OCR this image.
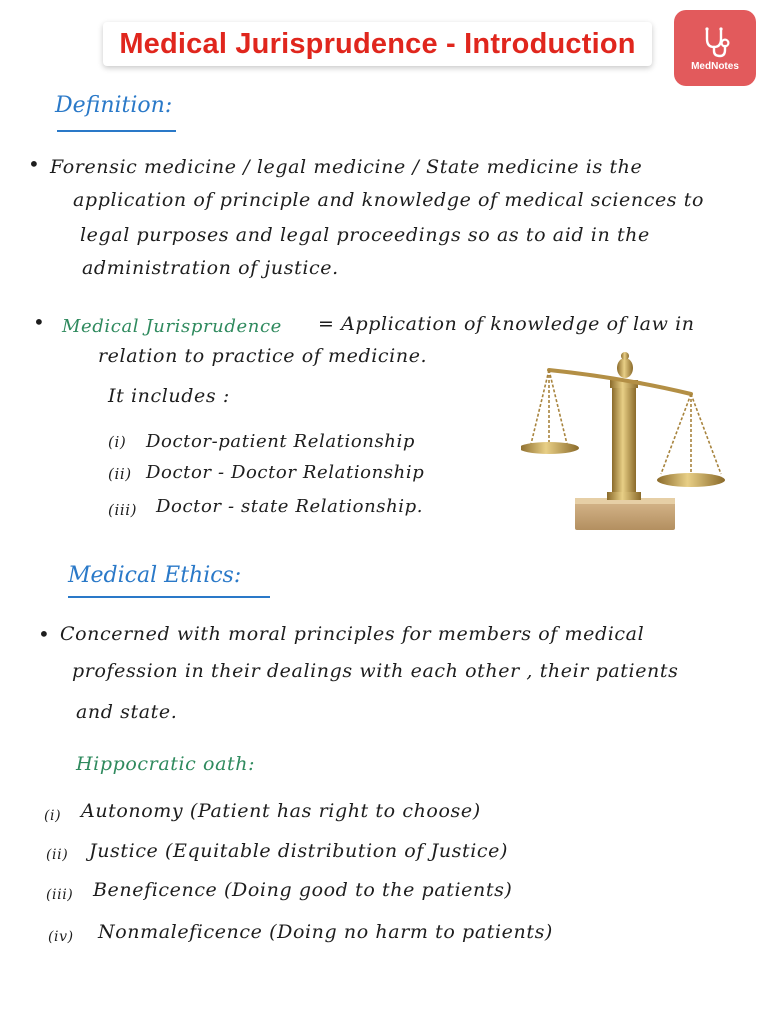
Medical Jurisprudence - Introduction
MedNotes
Definition:
• Forensic medicine / legal medicine / State medicine is the
application of principle and knowledge of medical sciences to
legal purposes and legal proceedings so as to aid in the
administration of justice.
• Medical Jurisprudence = Application of knowledge of law in
relation to practice of medicine.
It includes :
(i) Doctor-patient Relationship
(ii) Doctor - Doctor Relationship
(iii) Doctor - state Relationship.
Medical Ethics:
• Concerned with moral principles for members of medical
profession in their dealings with each other , their patients
and state.
Hippocratic oath:
(i) Autonomy (Patient has right to choose)
(ii) Justice (Equitable distribution of Justice)
(iii) Beneficence (Doing good to the patients)
(iv) Nonmaleficence (Doing no harm to patients)
